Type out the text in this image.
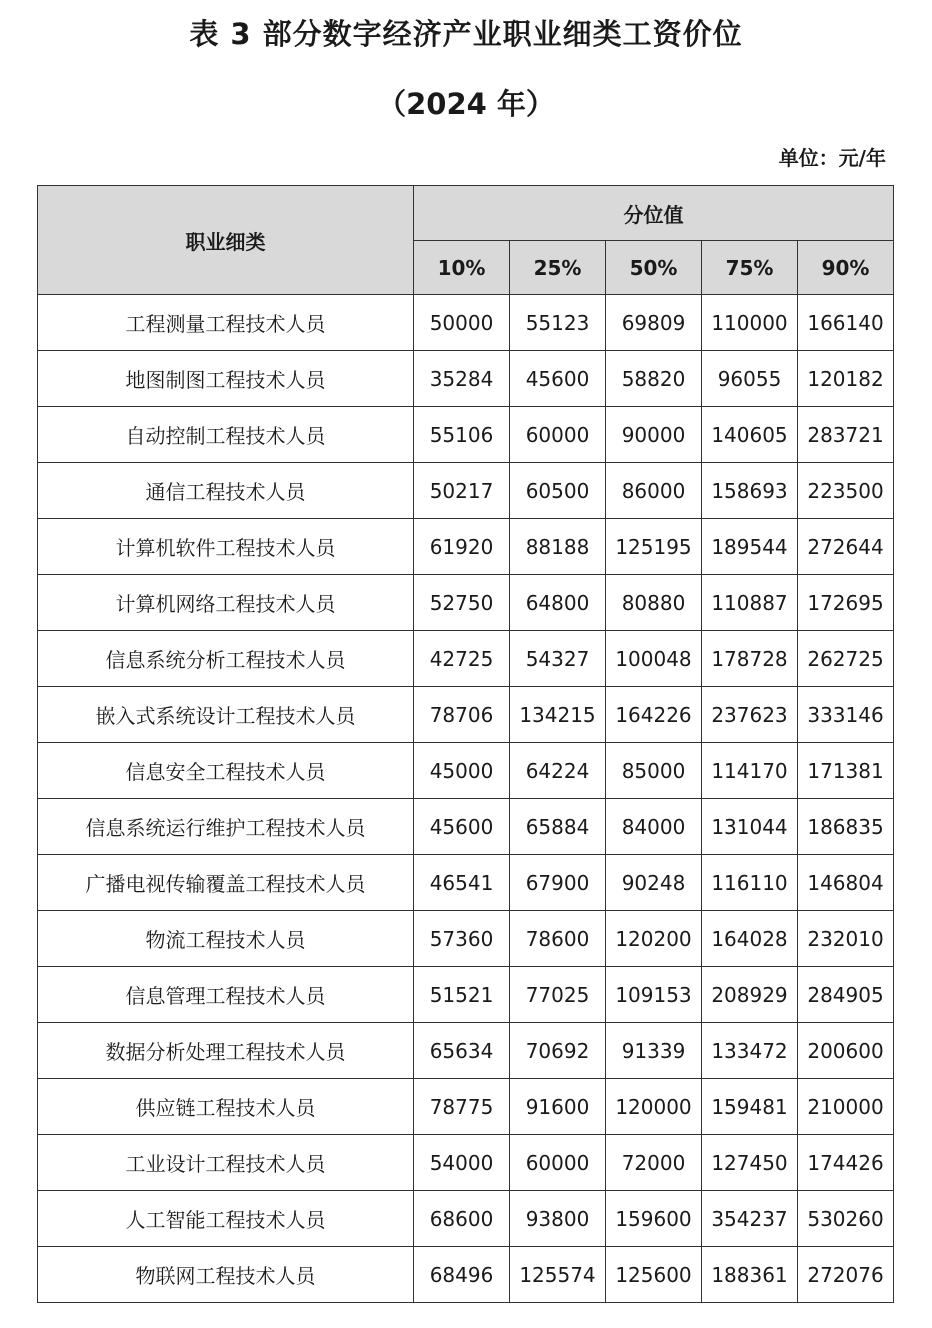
表 3 部分数字经济产业职业细类工资价位
（2024 年）
单位：元/年
职业细类	分位值				
	10%	25%	50%	75%	90%
工程测量工程技术人员	50000	55123	69809	110000	166140
地图制图工程技术人员	35284	45600	58820	96055	120182
自动控制工程技术人员	55106	60000	90000	140605	283721
通信工程技术人员	50217	60500	86000	158693	223500
计算机软件工程技术人员	61920	88188	125195	189544	272644
计算机网络工程技术人员	52750	64800	80880	110887	172695
信息系统分析工程技术人员	42725	54327	100048	178728	262725
嵌入式系统设计工程技术人员	78706	134215	164226	237623	333146
信息安全工程技术人员	45000	64224	85000	114170	171381
信息系统运行维护工程技术人员	45600	65884	84000	131044	186835
广播电视传输覆盖工程技术人员	46541	67900	90248	116110	146804
物流工程技术人员	57360	78600	120200	164028	232010
信息管理工程技术人员	51521	77025	109153	208929	284905
数据分析处理工程技术人员	65634	70692	91339	133472	200600
供应链工程技术人员	78775	91600	120000	159481	210000
工业设计工程技术人员	54000	60000	72000	127450	174426
人工智能工程技术人员	68600	93800	159600	354237	530260
物联网工程技术人员	68496	125574	125600	188361	272076
